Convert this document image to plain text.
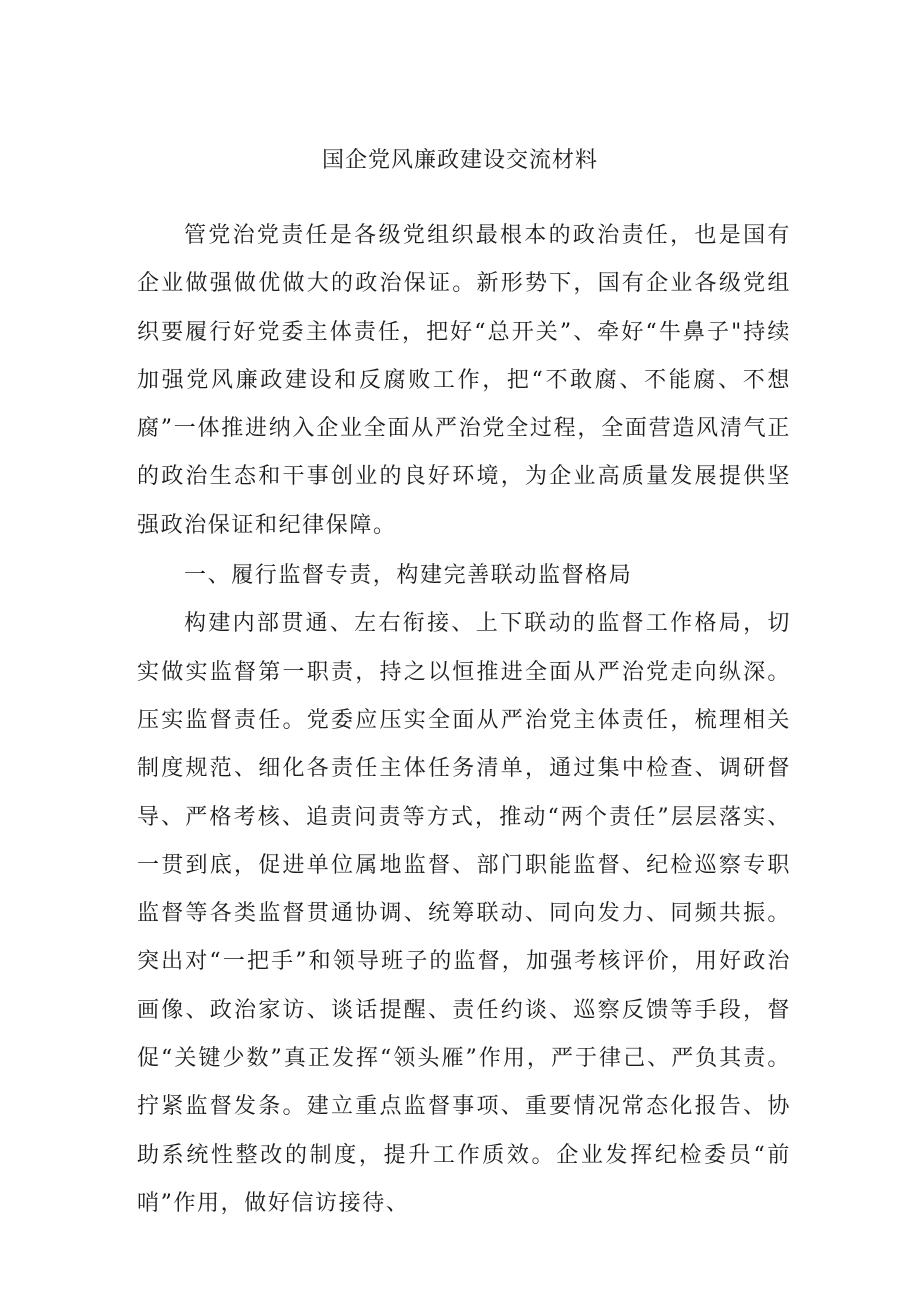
国企党风廉政建设交流材料

管党治党责任是各级党组织最根本的政治责任，也是国有企业做强做优做大的政治保证。新形势下，国有企业各级党组织要履行好党委主体责任，把好“总开关”、牵好“牛鼻子"持续加强党风廉政建设和反腐败工作，把“不敢腐、不能腐、不想腐”一体推进纳入企业全面从严治党全过程，全面营造风清气正的政治生态和干事创业的良好环境，为企业高质量发展提供坚强政治保证和纪律保障。

一、履行监督专责，构建完善联动监督格局

构建内部贯通、左右衔接、上下联动的监督工作格局，切实做实监督第一职责，持之以恒推进全面从严治党走向纵深。压实监督责任。党委应压实全面从严治党主体责任，梳理相关制度规范、细化各责任主体任务清单，通过集中检查、调研督导、严格考核、追责问责等方式，推动“两个责任”层层落实、一贯到底，促进单位属地监督、部门职能监督、纪检巡察专职监督等各类监督贯通协调、统筹联动、同向发力、同频共振。突出对“一把手”和领导班子的监督，加强考核评价，用好政治画像、政治家访、谈话提醒、责任约谈、巡察反馈等手段，督促“关键少数”真正发挥“领头雁”作用，严于律己、严负其责。拧紧监督发条。建立重点监督事项、重要情况常态化报告、协助系统性整改的制度，提升工作质效。企业发挥纪检委员“前哨”作用，做好信访接待、
